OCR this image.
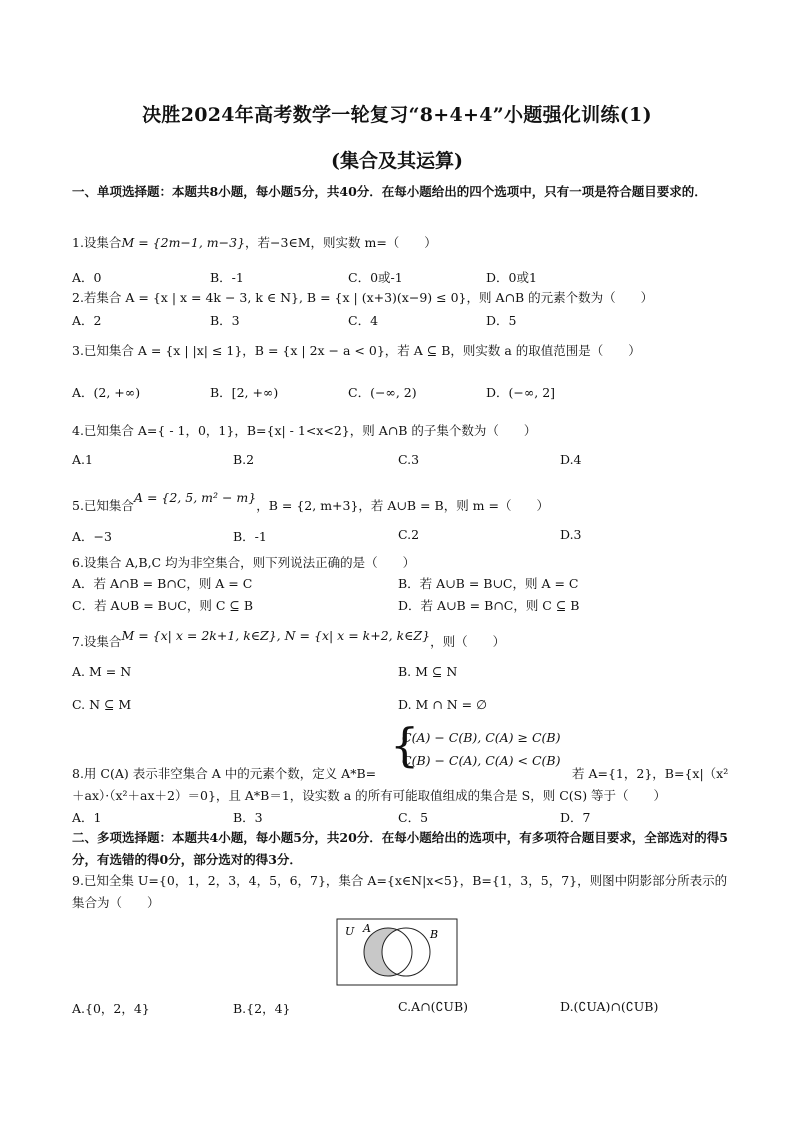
决胜2024年高考数学一轮复习“8+4+4”小题强化训练(1)
(集合及其运算)
一、单项选择题：本题共8小题，每小题5分，共40分．在每小题给出的四个选项中，只有一项是符合题目要求的．
1.设集合M = {2m−1, m−3}，若−3∈M，则实数 m=（　　）
A．0	B．-1	C．0或-1	D．0或1
2.若集合 A = {x | x = 4k − 3, k ∈ N}, B = {x | (x+3)(x−9) ≤ 0}，则 A∩B 的元素个数为（　　）
A．2	B．3	C．4	D．5
3.已知集合 A = {x | |x| ≤ 1}，B = {x | 2x − a < 0}，若 A ⊆ B，则实数 a 的取值范围是（　　）
A．(2, +∞)	B．[2, +∞)	C．(−∞, 2)	D．(−∞, 2]
4.已知集合 A={ - 1，0，1}，B={x| - 1<x<2}，则 A∩B 的子集个数为（　　）
A.1	B.2	C.3	D.4
5.已知集合A = {2, 5, m² − m}，B = {2, m+3}，若 A∪B = B，则 m =（　　）
A．−3	B．-1	C.2	D.3
6.设集合 A,B,C 均为非空集合，则下列说法正确的是（　　）
A．若 A∩B = B∩C，则 A = C	B．若 A∪B = B∪C，则 A = C
C．若 A∪B = B∪C，则 C ⊆ B	D．若 A∪B = B∩C，则 C ⊆ B
7.设集合M = {x| x = 2k+1, k∈Z}, N = {x| x = k+2, k∈Z}，则（　　）
A. M = N	B. M ⊆ N
C. N ⊆ M	D. M ∩ N = ∅
{
C(A) − C(B), C(A) ≥ C(B)
C(B) − C(A), C(A) < C(B)
8.用 C(A) 表示非空集合 A 中的元素个数，定义 A*B=	若 A={1，2}，B={x|（x²
＋ax）·（x²＋ax＋2）＝0}，且 A*B＝1，设实数 a 的所有可能取值组成的集合是 S，则 C(S) 等于（　　）
A．1	B．3	C．5	D．7
二、多项选择题：本题共4小题，每小题5分，共20分．在每小题给出的选项中，有多项符合题目要求，全部选对的得5分，有选错的得0分，部分选对的得3分．
9.已知全集 U={0，1，2，3，4，5，6，7}，集合 A={x∈N|x<5}，B={1，3，5，7}，则图中阴影部分所表示的集合为（　　）
U A	B
A.{0，2，4}	B.{2，4}	C.A∩(∁UB)	D.(∁UA)∩(∁UB)
